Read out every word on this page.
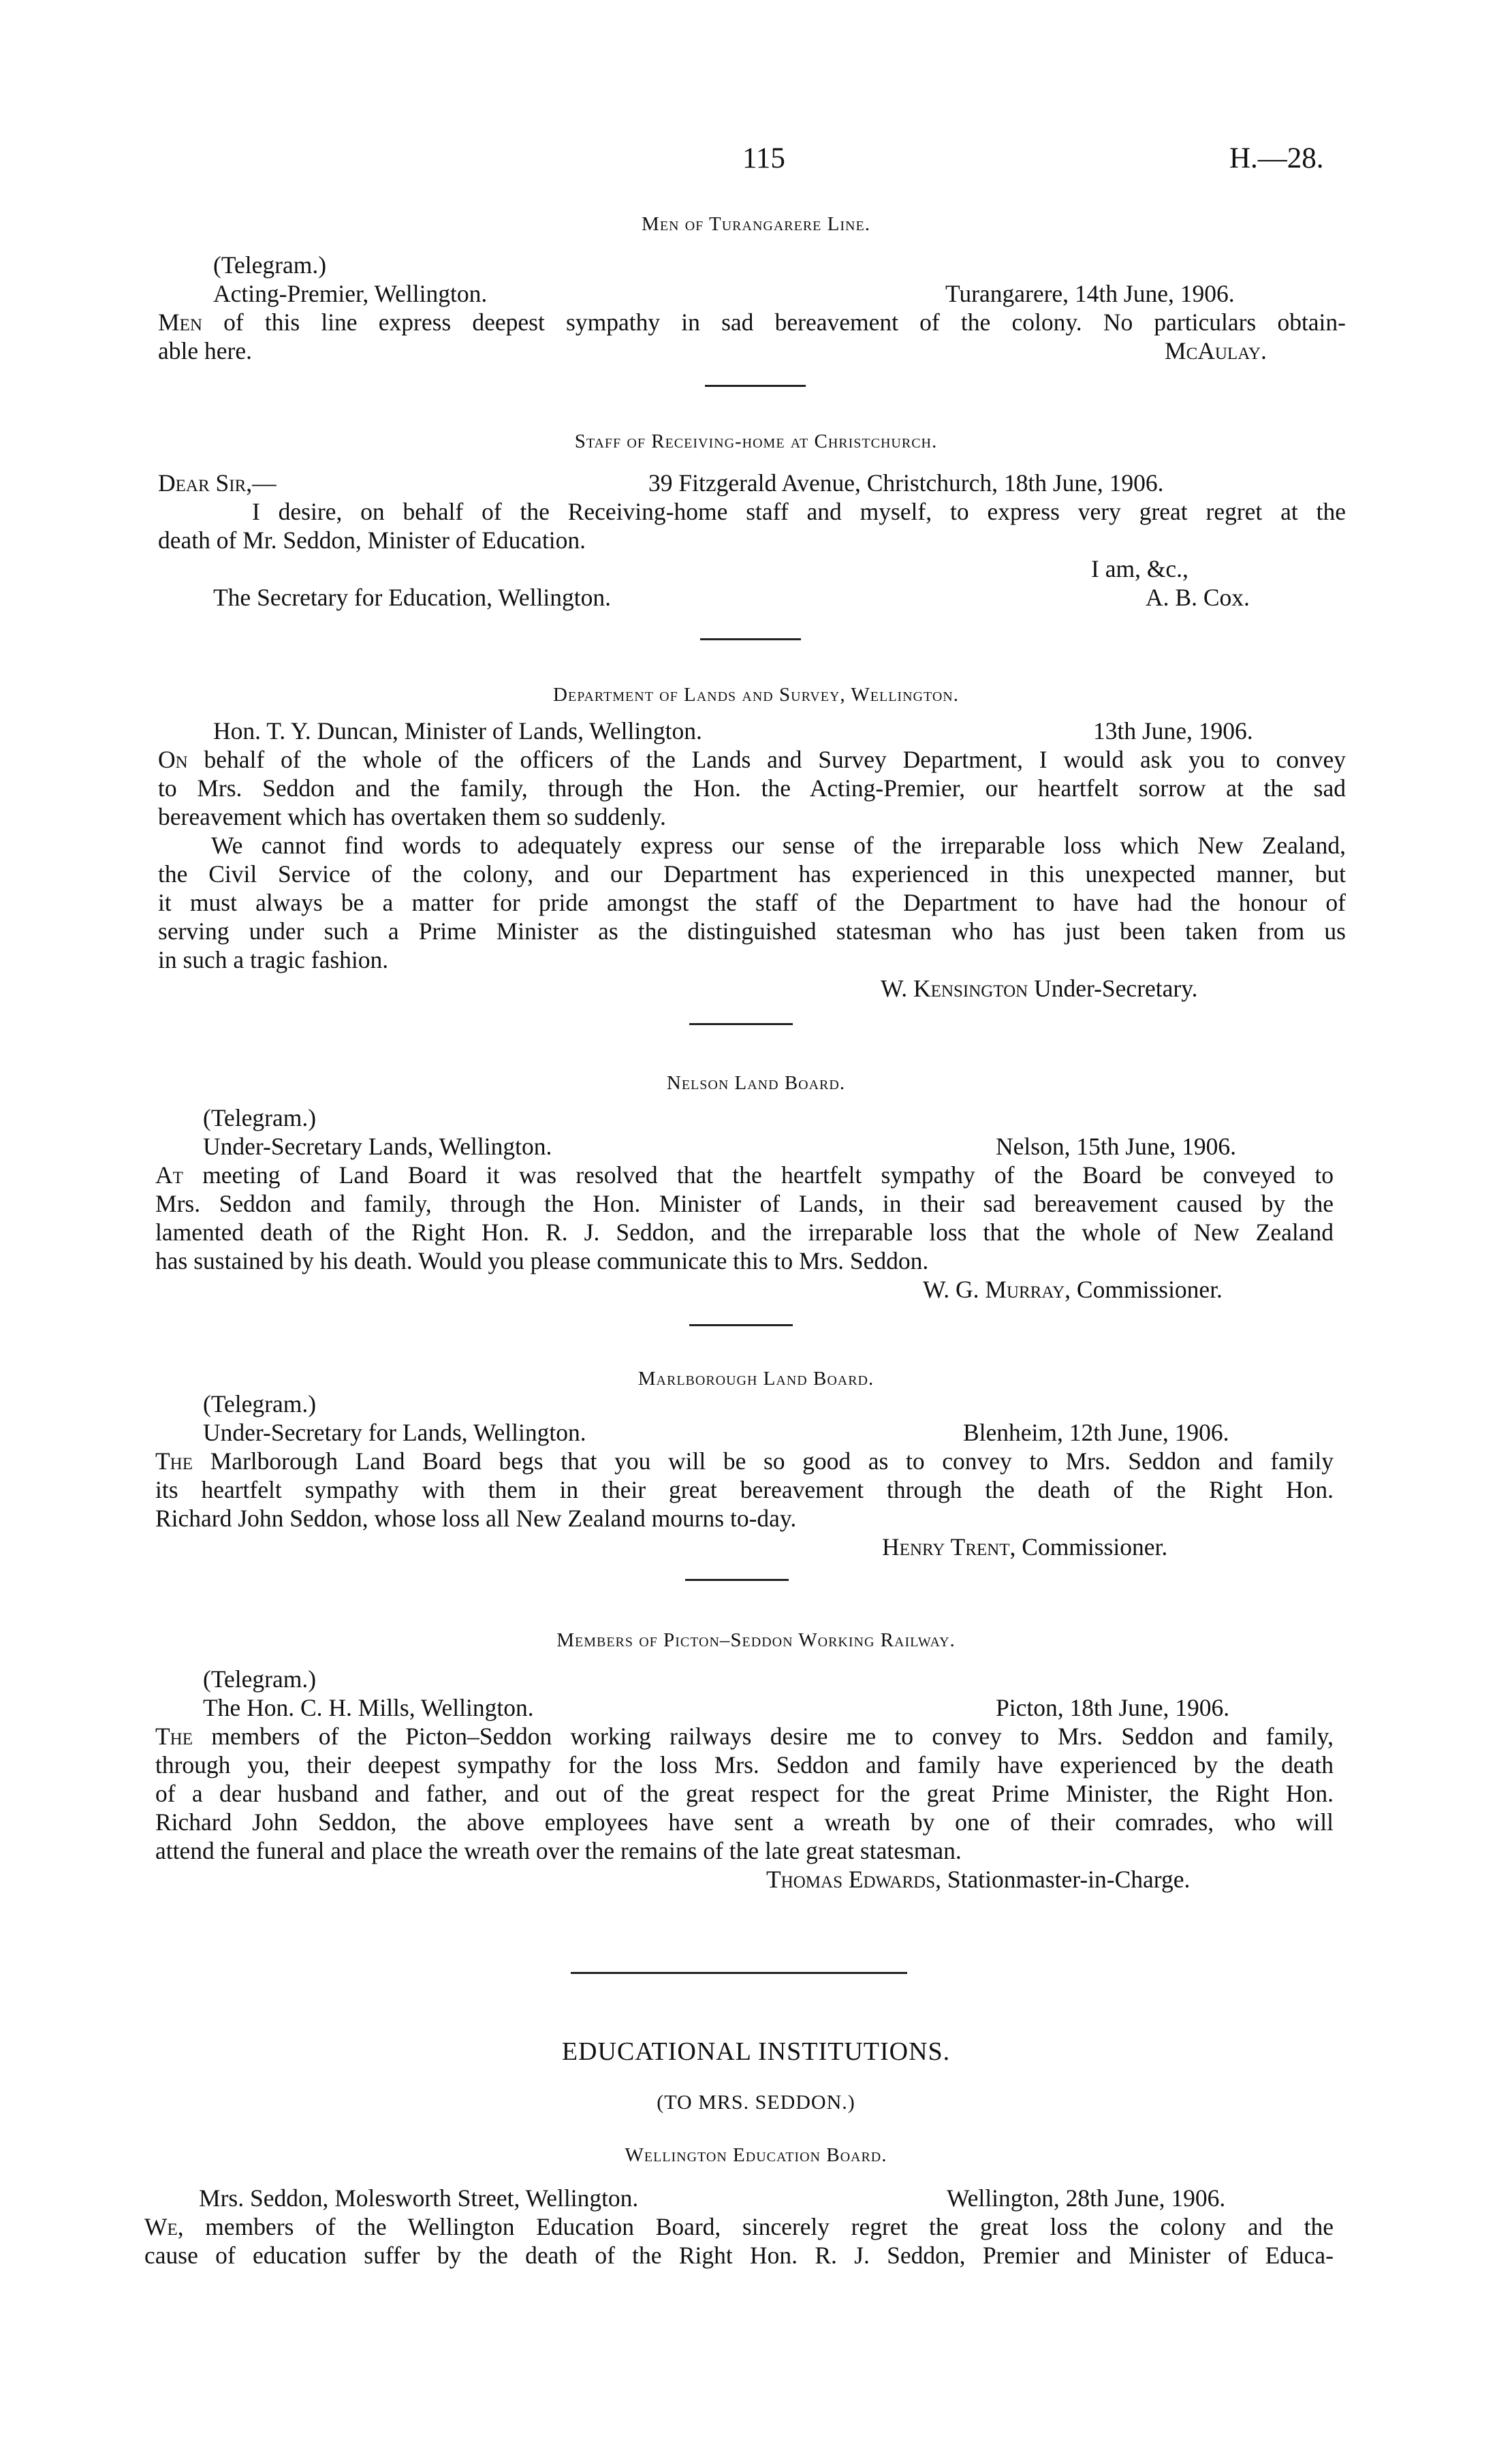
115	H.—28.
Men of Turangarere Line.
(Telegram.)
Acting-Premier, Wellington.	Turangarere, 14th June, 1906.
Men of this line express deepest sympathy in sad bereavement of the colony. No particulars obtain-
able here.	McAulay.
Staff of Receiving-home at Christchurch.
Dear Sir,—	39 Fitzgerald Avenue, Christchurch, 18th June, 1906.
I desire, on behalf of the Receiving-home staff and myself, to express very great regret at the
death of Mr. Seddon, Minister of Education.
I am, &c.,
The Secretary for Education, Wellington.	A. B. Cox.
Department of Lands and Survey, Wellington.
Hon. T. Y. Duncan, Minister of Lands, Wellington.	13th June, 1906.
On behalf of the whole of the officers of the Lands and Survey Department, I would ask you to convey
to Mrs. Seddon and the family, through the Hon. the Acting-Premier, our heartfelt sorrow at the sad
bereavement which has overtaken them so suddenly.
We cannot find words to adequately express our sense of the irreparable loss which New Zealand,
the Civil Service of the colony, and our Department has experienced in this unexpected manner, but
it must always be a matter for pride amongst the staff of the Department to have had the honour of
serving under such a Prime Minister as the distinguished statesman who has just been taken from us
in such a tragic fashion.
W. Kensington Under-Secretary.
Nelson Land Board.
(Telegram.)
Under-Secretary Lands, Wellington.	Nelson, 15th June, 1906.
At meeting of Land Board it was resolved that the heartfelt sympathy of the Board be conveyed to
Mrs. Seddon and family, through the Hon. Minister of Lands, in their sad bereavement caused by the
lamented death of the Right Hon. R. J. Seddon, and the irreparable loss that the whole of New Zealand
has sustained by his death. Would you please communicate this to Mrs. Seddon.
W. G. Murray, Commissioner.
Marlborough Land Board.
(Telegram.)
Under-Secretary for Lands, Wellington.	Blenheim, 12th June, 1906.
The Marlborough Land Board begs that you will be so good as to convey to Mrs. Seddon and family
its heartfelt sympathy with them in their great bereavement through the death of the Right Hon.
Richard John Seddon, whose loss all New Zealand mourns to-day.
Henry Trent, Commissioner.
Members of Picton–Seddon Working Railway.
(Telegram.)
The Hon. C. H. Mills, Wellington.	Picton, 18th June, 1906.
The members of the Picton–Seddon working railways desire me to convey to Mrs. Seddon and family,
through you, their deepest sympathy for the loss Mrs. Seddon and family have experienced by the death
of a dear husband and father, and out of the great respect for the great Prime Minister, the Right Hon.
Richard John Seddon, the above employees have sent a wreath by one of their comrades, who will
attend the funeral and place the wreath over the remains of the late great statesman.
Thomas Edwards, Stationmaster-in-Charge.
EDUCATIONAL INSTITUTIONS.
(TO MRS. SEDDON.)
Wellington Education Board.
Mrs. Seddon, Molesworth Street, Wellington.	Wellington, 28th June, 1906.
We, members of the Wellington Education Board, sincerely regret the great loss the colony and the
cause of education suffer by the death of the Right Hon. R. J. Seddon, Premier and Minister of Educa-
